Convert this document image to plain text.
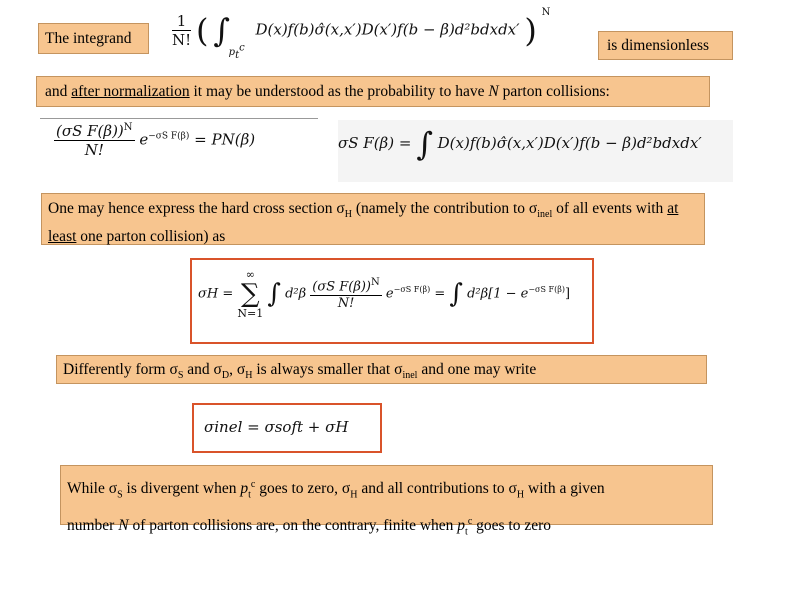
The integrand	$\frac{1}{N!}$ ( ∫ $_{p_t^c}$ D(x)f(b)σ̂(x,x′)D(x′)f(b − β)d²bdxdx′ ) $^N$
is dimensionless
and after normalization it may be understood as the probability to have N parton collisions:
$\frac{(\sigma S F(\beta))^N}{N!} e^{-\sigma S F(\beta)} = PN(\beta)$	σS F(β) = ∫ D(x)f(b)σ̂(x,x′)D(x′)f(b − β)d²bdxdx′
One may hence express the hard cross section $\sigma_H$ (namely the contribution to $\sigma_{inel}$ of all events with at least one parton collision) as
σH =
∞
∑
N=1
∫ $d^2\beta \frac{(\sigma S F(\beta))^N}{N!} e^{-\sigma S F(\beta)}$ = ∫ $d^2\beta[1 - e^{-\sigma S F(\beta)}]$
Differently form $\sigma_S$ and $\sigma_D$, $\sigma_H$ is always smaller that $\sigma_{inel}$ and one may write
σinel = σsoft + σH
While $\sigma_S$ is divergent when $p_t^c$ goes to zero, $\sigma_H$ and all contributions to $\sigma_H$ with a given
number N of parton collisions are, on the contrary, finite when $p_t^c$ goes to zero
